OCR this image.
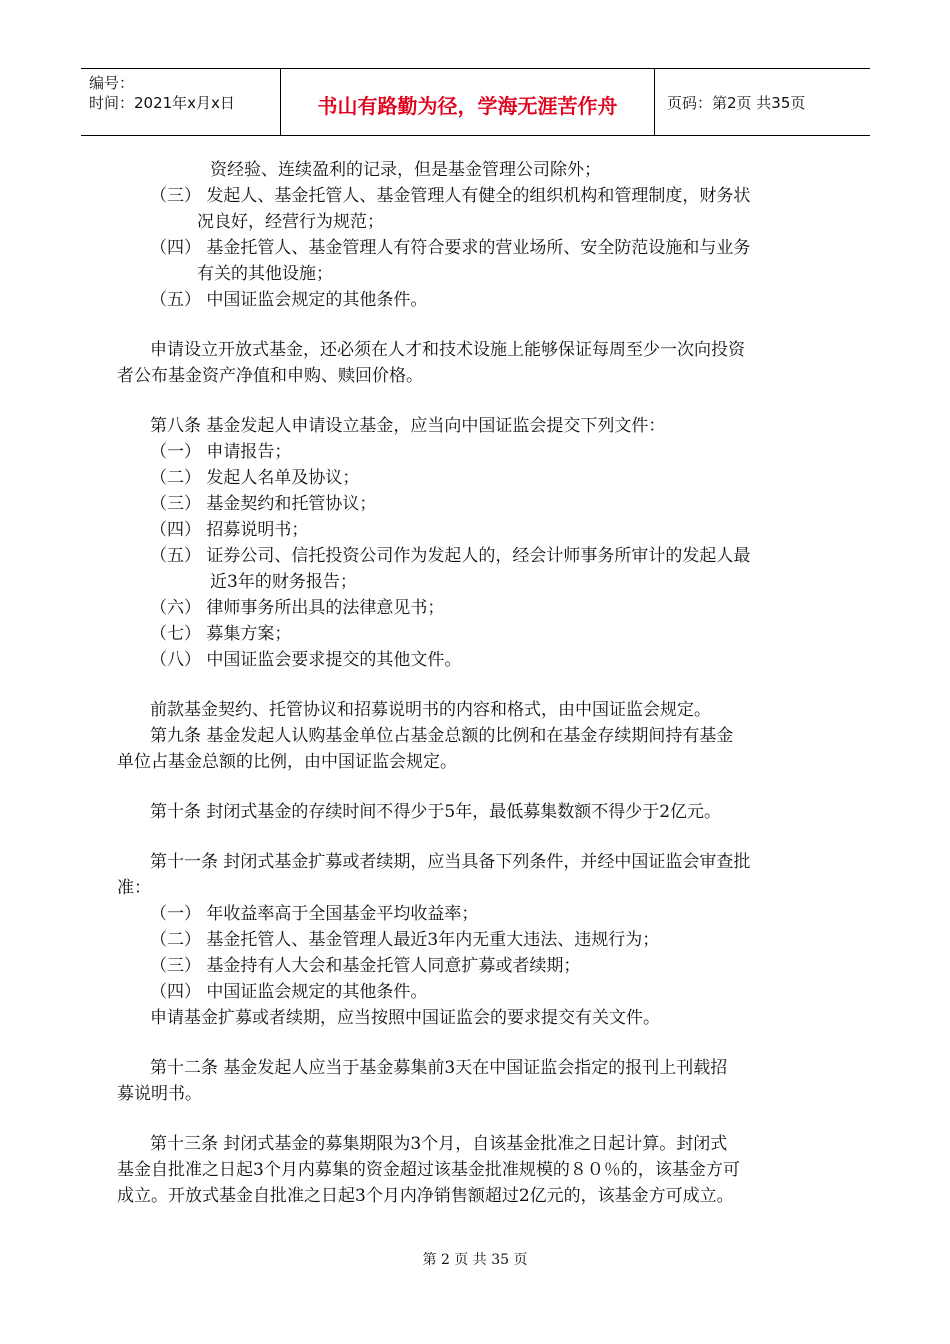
编号：
时间：2021年x月x日	书山有路勤为径，学海无涯苦作舟	页码：第2页 共35页
资经验、连续盈利的记录，但是基金管理公司除外；
（三） 发起人、基金托管人、基金管理人有健全的组织机构和管理制度，财务状
况良好，经营行为规范；
（四） 基金托管人、基金管理人有符合要求的营业场所、安全防范设施和与业务
有关的其他设施；
（五） 中国证监会规定的其他条件。
申请设立开放式基金，还必须在人才和技术设施上能够保证每周至少一次向投资
者公布基金资产净值和申购、赎回价格。
第八条 基金发起人申请设立基金，应当向中国证监会提交下列文件：
（一） 申请报告；
（二） 发起人名单及协议；
（三） 基金契约和托管协议；
（四） 招募说明书；
（五） 证券公司、信托投资公司作为发起人的，经会计师事务所审计的发起人最
近3年的财务报告；
（六） 律师事务所出具的法律意见书；
（七） 募集方案；
（八） 中国证监会要求提交的其他文件。
前款基金契约、托管协议和招募说明书的内容和格式，由中国证监会规定。
第九条 基金发起人认购基金单位占基金总额的比例和在基金存续期间持有基金
单位占基金总额的比例，由中国证监会规定。
第十条 封闭式基金的存续时间不得少于5年，最低募集数额不得少于2亿元。
第十一条 封闭式基金扩募或者续期，应当具备下列条件，并经中国证监会审查批
准：
（一） 年收益率高于全国基金平均收益率；
（二） 基金托管人、基金管理人最近3年内无重大违法、违规行为；
（三） 基金持有人大会和基金托管人同意扩募或者续期；
（四） 中国证监会规定的其他条件。
申请基金扩募或者续期，应当按照中国证监会的要求提交有关文件。
第十二条 基金发起人应当于基金募集前3天在中国证监会指定的报刊上刊载招
募说明书。
第十三条 封闭式基金的募集期限为3个月，自该基金批准之日起计算。封闭式
基金自批准之日起3个月内募集的资金超过该基金批准规模的８０％的，该基金方可
成立。开放式基金自批准之日起3个月内净销售额超过2亿元的，该基金方可成立。
第 2 页 共 35 页
